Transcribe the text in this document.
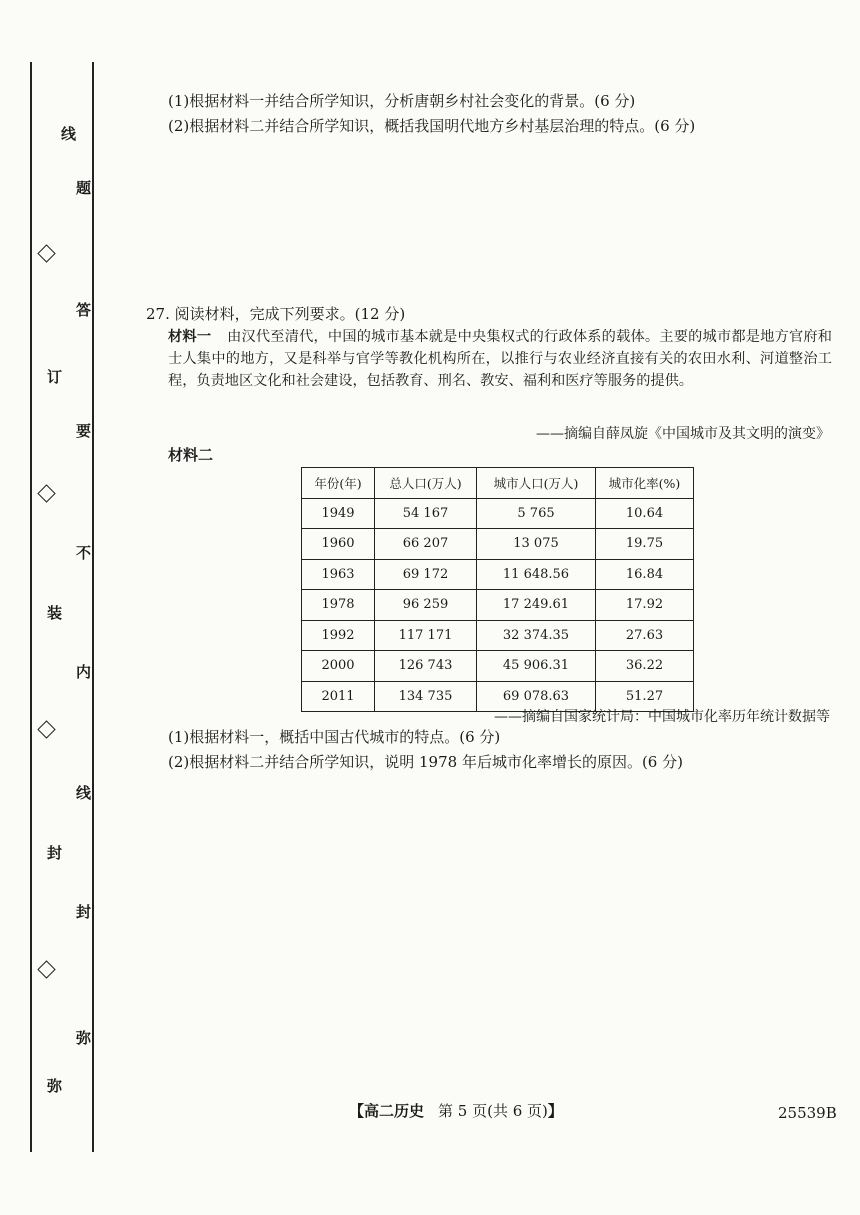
线
题
答
订
要
不
装
内
线
封
封
弥
弥
(1)根据材料一并结合所学知识，分析唐朝乡村社会变化的背景。(6 分)
(2)根据材料二并结合所学知识，概括我国明代地方乡村基层治理的特点。(6 分)
27. 阅读材料，完成下列要求。(12 分)
材料一 由汉代至清代，中国的城市基本就是中央集权式的行政体系的载体。主要的城市都是地方官府和士人集中的地方，又是科举与官学等教化机构所在，以推行与农业经济直接有关的农田水利、河道整治工程，负责地区文化和社会建设，包括教育、刑名、教安、福利和医疗等服务的提供。
——摘编自薛凤旋《中国城市及其文明的演变》
材料二
年份(年)	总人口(万人)	城市人口(万人)	城市化率(%)
1949	54 167	5 765	10.64
1960	66 207	13 075	19.75
1963	69 172	11 648.56	16.84
1978	96 259	17 249.61	17.92
1992	117 171	32 374.35	27.63
2000	126 743	45 906.31	36.22
2011	134 735	69 078.63	51.27
——摘编自国家统计局：中国城市化率历年统计数据等
(1)根据材料一，概括中国古代城市的特点。(6 分)
(2)根据材料二并结合所学知识，说明 1978 年后城市化率增长的原因。(6 分)
【高二历史 第 5 页(共 6 页)】	25539B
